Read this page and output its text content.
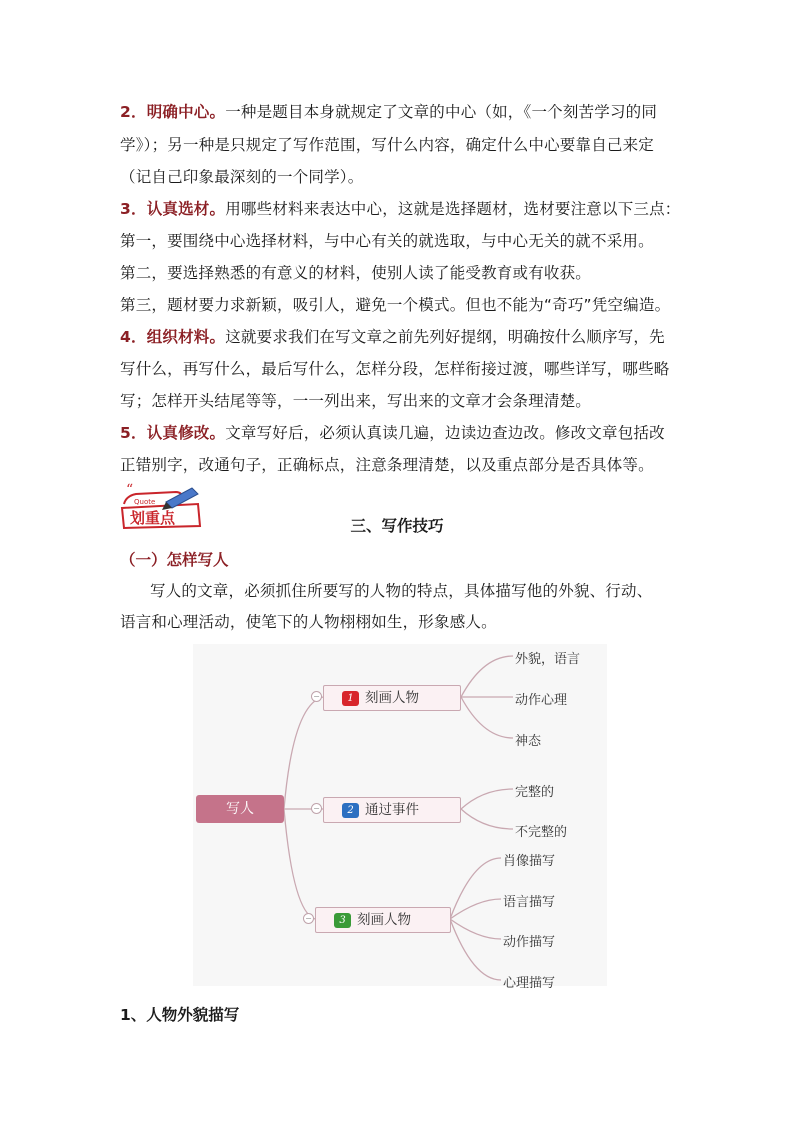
2．明确中心。一种是题目本身就规定了文章的中心（如，《一个刻苦学习的同
学》）；另一种是只规定了写作范围，写什么内容，确定什么中心要靠自己来定
（记自己印象最深刻的一个同学）。
3．认真选材。用哪些材料来表达中心，这就是选择题材，选材要注意以下三点：
第一，要围绕中心选择材料，与中心有关的就选取，与中心无关的就不采用。
第二，要选择熟悉的有意义的材料，使别人读了能受教育或有收获。
第三，题材要力求新颖，吸引人，避免一个模式。但也不能为“奇巧”凭空编造。
4．组织材料。这就要求我们在写文章之前先列好提纲，明确按什么顺序写，先
写什么，再写什么，最后写什么，怎样分段，怎样衔接过渡，哪些详写，哪些略
写；怎样开头结尾等等，一一列出来，写出来的文章才会条理清楚。
5．认真修改。文章写好后，必须认真读几遍，边读边查边改。修改文章包括改
正错别字，改通句子，正确标点，注意条理清楚，以及重点部分是否具体等。
“
Quote
划重点	三、写作技巧
（一）怎样写人
写人的文章，必须抓住所要写的人物的特点，具体描写他的外貌、行动、
语言和心理活动，使笔下的人物栩栩如生，形象感人。
写人
−	1 刻画人物
−	2 通过事件
−	3 刻画人物
外貌，语言
动作心理
神态
完整的
不完整的
肖像描写
语言描写
动作描写
心理描写
1、人物外貌描写
